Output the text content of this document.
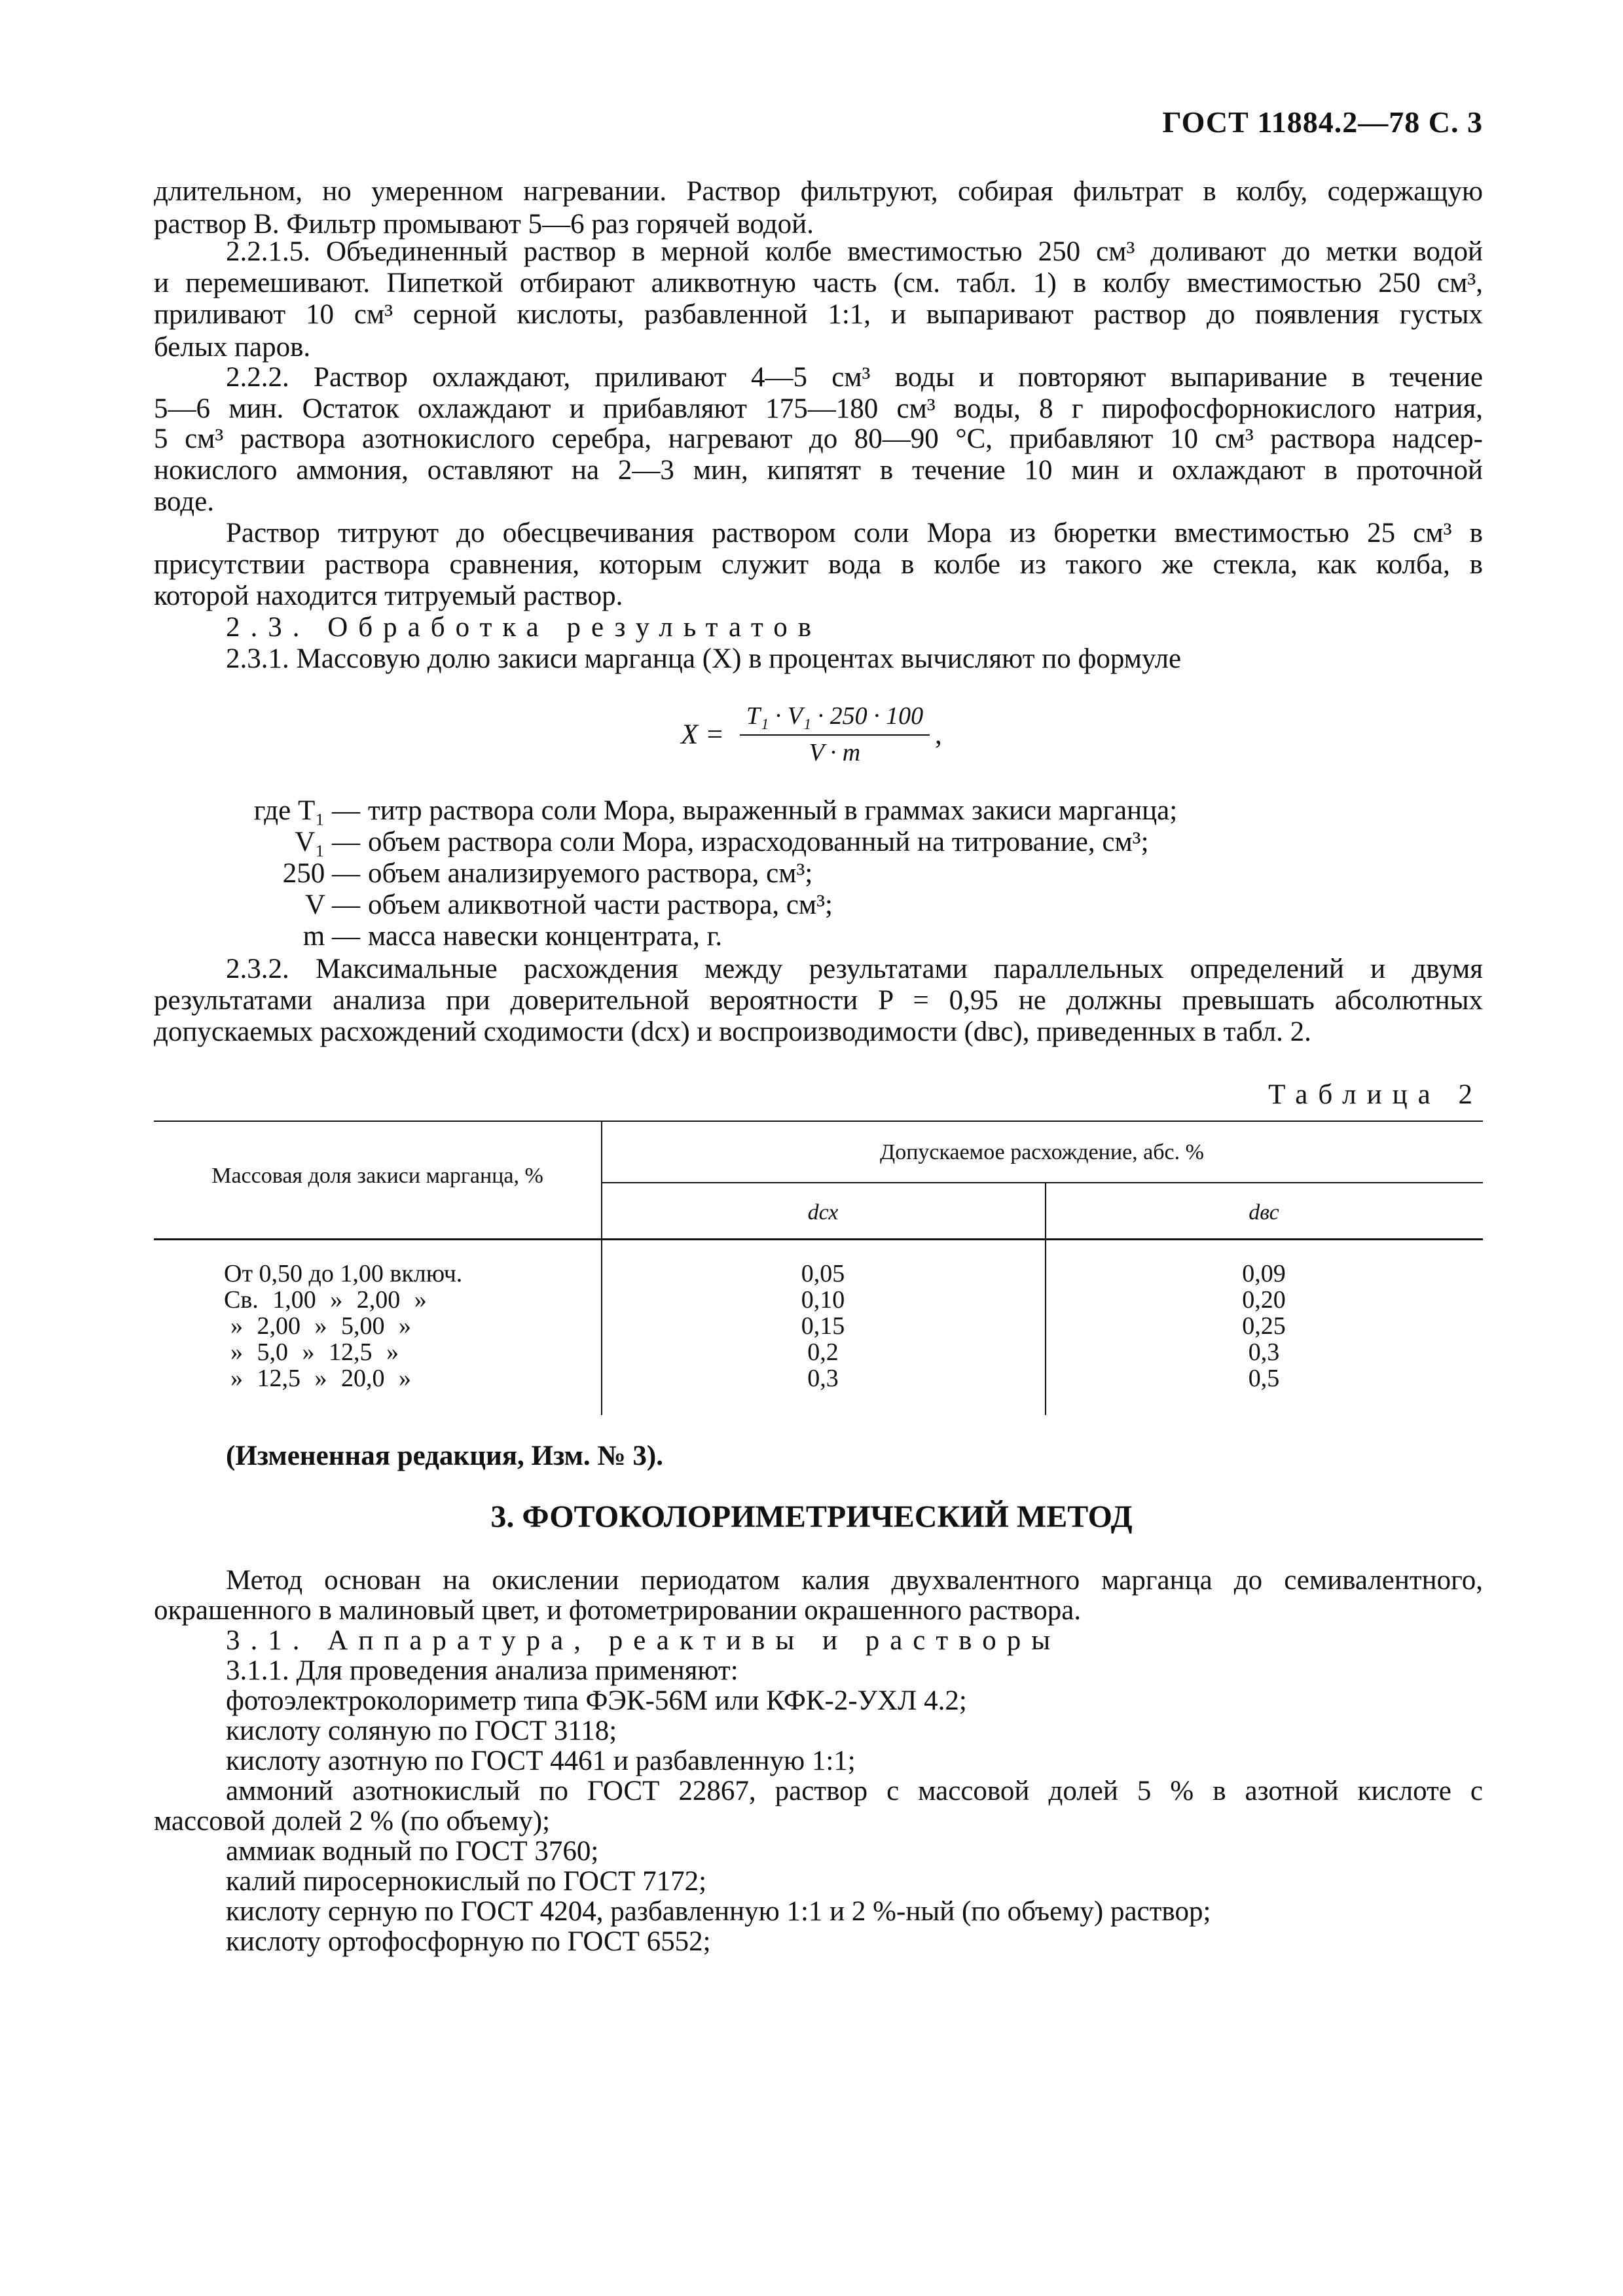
ГОСТ 11884.2—78 С. 3
длительном, но умеренном нагревании. Раствор фильтруют, собирая фильтрат в колбу, содержащую
раствор В. Фильтр промывают 5—6 раз горячей водой.
2.2.1.5. Объединенный раствор в мерной колбе вместимостью 250 см³ доливают до метки водой
и перемешивают. Пипеткой отбирают аликвотную часть (см. табл. 1) в колбу вместимостью 250 см³,
приливают 10 см³ серной кислоты, разбавленной 1:1, и выпаривают раствор до появления густых
белых паров.
2.2.2. Раствор охлаждают, приливают 4—5 см³ воды и повторяют выпаривание в течение
5—6 мин. Остаток охлаждают и прибавляют 175—180 см³ воды, 8 г пирофосфорнокислого натрия,
5 см³ раствора азотнокислого серебра, нагревают до 80—90 °С, прибавляют 10 см³ раствора надсер-
нокислого аммония, оставляют на 2—3 мин, кипятят в течение 10 мин и охлаждают в проточной
воде.
Раствор титруют до обесцвечивания раствором соли Мора из бюретки вместимостью 25 см³ в
присутствии раствора сравнения, которым служит вода в колбе из такого же стекла, как колба, в
которой находится титруемый раствор.
2.3. Обработка результатов
2.3.1. Массовую долю закиси марганца (X) в процентах вычисляют по формуле
X =
T₁ · V₁ · 250 · 100
V · m
,
где T₁ — титр раствора соли Мора, выраженный в граммах закиси марганца;
V₁ — объем раствора соли Мора, израсходованный на титрование, см³;
250 — объем анализируемого раствора, см³;
V — объем аликвотной части раствора, см³;
m — масса навески концентрата, г.
2.3.2. Максимальные расхождения между результатами параллельных определений и двумя
результатами анализа при доверительной вероятности P = 0,95 не должны превышать абсолютных
допускаемых расхождений сходимости (dсх) и воспроизводимости (dвс), приведенных в табл. 2.
Таблица 2
Массовая доля закиси марганца, %
Допускаемое расхождение, абс. %
dсх	dвс
От 0,50 до 1,00 включ.	0,05	0,09
Св. 1,00 » 2,00 »	0,10	0,20
» 2,00 » 5,00 »	0,15	0,25
» 5,0 » 12,5 »	0,2	0,3
» 12,5 » 20,0 »	0,3	0,5
(Измененная редакция, Изм. № 3).
3. ФОТОКОЛОРИМЕТРИЧЕСКИЙ МЕТОД
Метод основан на окислении периодатом калия двухвалентного марганца до семивалентного,
окрашенного в малиновый цвет, и фотометрировании окрашенного раствора.
3.1. Аппаратура, реактивы и растворы
3.1.1. Для проведения анализа применяют:
фотоэлектроколориметр типа ФЭК-56М или КФК-2-УХЛ 4.2;
кислоту соляную по ГОСТ 3118;
кислоту азотную по ГОСТ 4461 и разбавленную 1:1;
аммоний азотнокислый по ГОСТ 22867, раствор с массовой долей 5 % в азотной кислоте с
массовой долей 2 % (по объему);
аммиак водный по ГОСТ 3760;
калий пиросернокислый по ГОСТ 7172;
кислоту серную по ГОСТ 4204, разбавленную 1:1 и 2 %-ный (по объему) раствор;
кислоту ортофосфорную по ГОСТ 6552;
